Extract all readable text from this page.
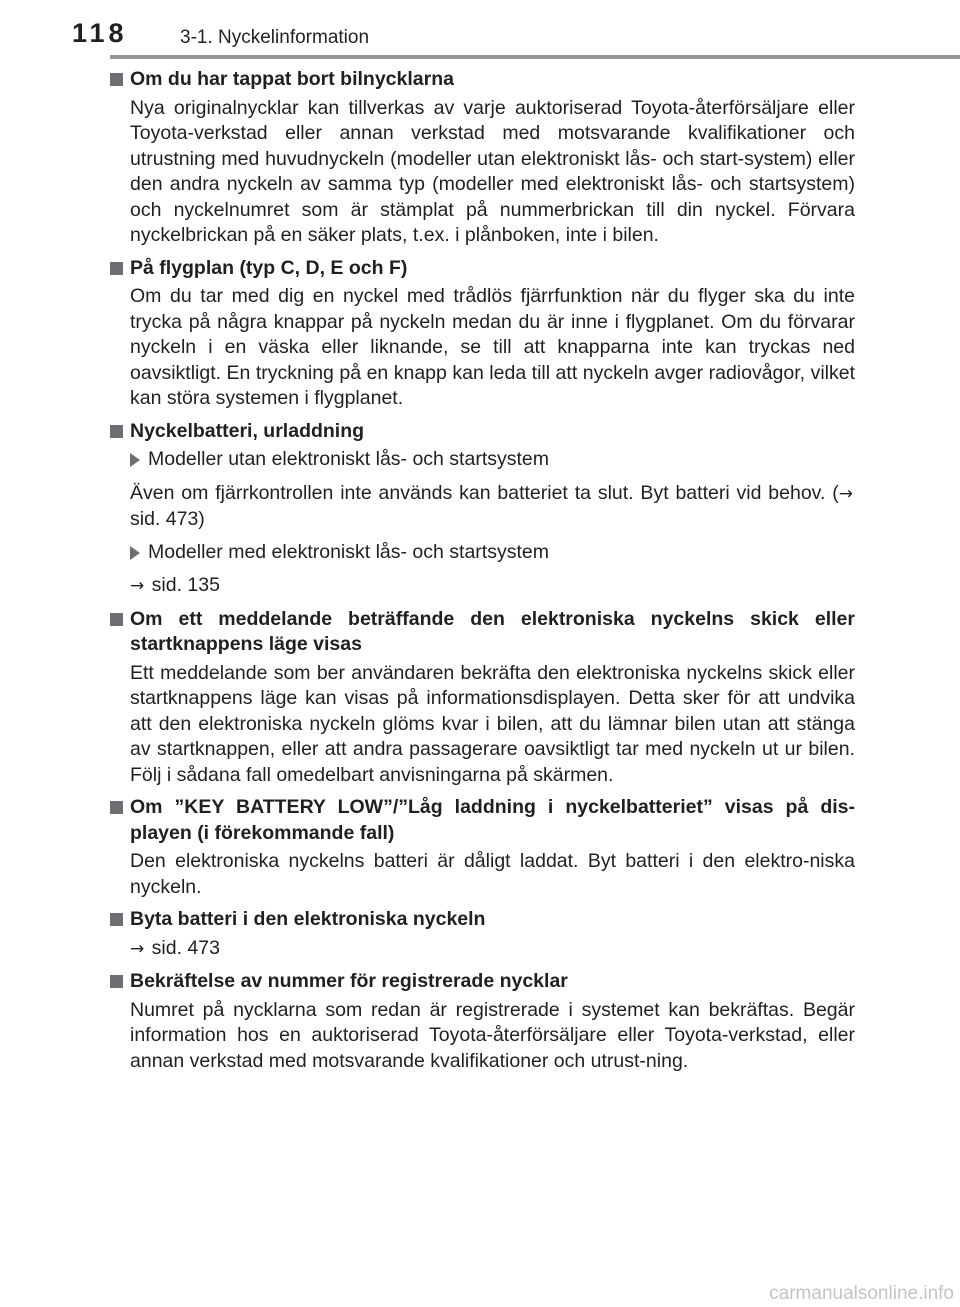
118	3-1. Nyckelinformation
Om du har tappat bort bilnycklarna
Nya originalnycklar kan tillverkas av varje auktoriserad Toyota-återförsäljare eller Toyota-verkstad eller annan verkstad med motsvarande kvalifikationer och utrustning med huvudnyckeln (modeller utan elektroniskt lås- och start-system) eller den andra nyckeln av samma typ (modeller med elektroniskt lås- och startsystem) och nyckelnumret som är stämplat på nummerbrickan till din nyckel. Förvara nyckelbrickan på en säker plats, t.ex. i plånboken, inte i bilen.
På flygplan (typ C, D, E och F)
Om du tar med dig en nyckel med trådlös fjärrfunktion när du flyger ska du inte trycka på några knappar på nyckeln medan du är inne i flygplanet. Om du förvarar nyckeln i en väska eller liknande, se till att knapparna inte kan tryckas ned oavsiktligt. En tryckning på en knapp kan leda till att nyckeln avger radiovågor, vilket kan störa systemen i flygplanet.
Nyckelbatteri, urladdning
Modeller utan elektroniskt lås- och startsystem
Även om fjärrkontrollen inte används kan batteriet ta slut. Byt batteri vid behov. (→ sid. 473)
Modeller med elektroniskt lås- och startsystem
→ sid. 135
Om ett meddelande beträffande den elektroniska nyckelns skick eller startknappens läge visas
Ett meddelande som ber användaren bekräfta den elektroniska nyckelns skick eller startknappens läge kan visas på informationsdisplayen. Detta sker för att undvika att den elektroniska nyckeln glöms kvar i bilen, att du lämnar bilen utan att stänga av startknappen, eller att andra passagerare oavsiktligt tar med nyckeln ut ur bilen. Följ i sådana fall omedelbart anvisningarna på skärmen.
Om ”KEY BATTERY LOW”/”Låg laddning i nyckelbatteriet” visas på dis-playen (i förekommande fall)
Den elektroniska nyckelns batteri är dåligt laddat. Byt batteri i den elektro-niska nyckeln.
Byta batteri i den elektroniska nyckeln
→ sid. 473
Bekräftelse av nummer för registrerade nycklar
Numret på nycklarna som redan är registrerade i systemet kan bekräftas. Begär information hos en auktoriserad Toyota-återförsäljare eller Toyota-verkstad, eller annan verkstad med motsvarande kvalifikationer och utrust-ning.
carmanualsonline.info
